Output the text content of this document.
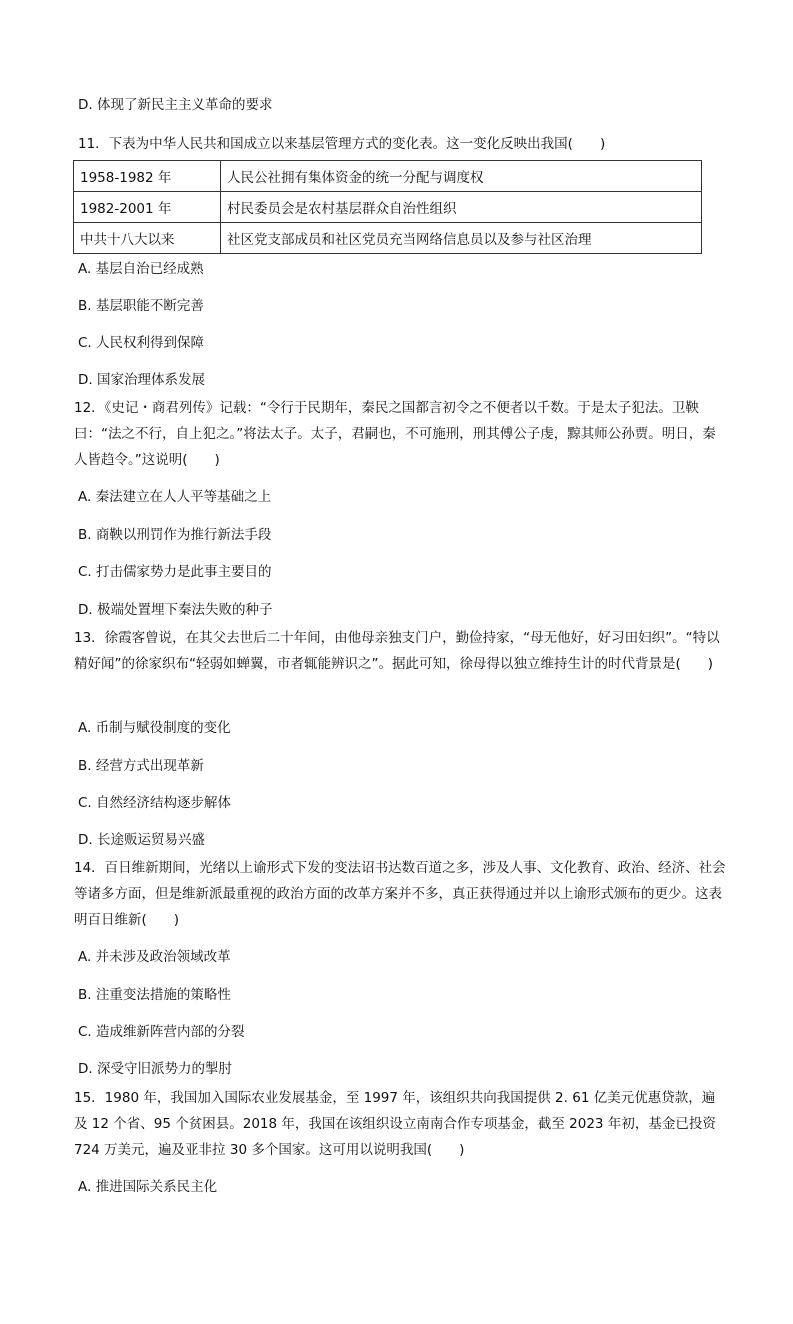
D. 体现了新民主主义革命的要求
11．下表为中华人民共和国成立以来基层管理方式的变化表。这一变化反映出我国(　　)
1958-1982 年	人民公社拥有集体资金的统一分配与调度权
1982-2001 年	村民委员会是农村基层群众自治性组织
中共十八大以来	社区党支部成员和社区党员充当网络信息员以及参与社区治理
A. 基层自治已经成熟
B. 基层职能不断完善
C. 人民权利得到保障
D. 国家治理体系发展
12．《史记・商君列传》记载：“令行于民期年，秦民之国都言初令之不便者以千数。于是太子犯法。卫鞅曰：“法之不行，自上犯之。”将法太子。太子，君嗣也，不可施刑，刑其傅公子虔，黥其师公孙贾。明日，秦人皆趋令。”这说明(　　)
A. 秦法建立在人人平等基础之上
B. 商鞅以刑罚作为推行新法手段
C. 打击儒家势力是此事主要目的
D. 极端处置埋下秦法失败的种子
13．徐霞客曾说，在其父去世后二十年间，由他母亲独支门户，勤俭持家，“母无他好，好习田妇织”。“特以精好闻”的徐家织布“轻弱如蝉翼，市者辄能辨识之”。据此可知，徐母得以独立维持生计的时代背景是(　　)
A. 币制与赋役制度的变化
B. 经营方式出现革新
C. 自然经济结构逐步解体
D. 长途贩运贸易兴盛
14．百日维新期间，光绪以上谕形式下发的变法诏书达数百道之多，涉及人事、文化教育、政治、经济、社会等诸多方面，但是维新派最重视的政治方面的改革方案并不多，真正获得通过并以上谕形式颁布的更少。这表明百日维新(　　)
A. 并未涉及政治领域改革
B. 注重变法措施的策略性
C. 造成维新阵营内部的分裂
D. 深受守旧派势力的掣肘
15．1980 年，我国加入国际农业发展基金，至 1997 年，该组织共向我国提供 2. 61 亿美元优惠贷款，遍及 12 个省、95 个贫困县。2018 年，我国在该组织设立南南合作专项基金，截至 2023 年初，基金已投资 724 万美元，遍及亚非拉 30 多个国家。这可用以说明我国(　　)
A. 推进国际关系民主化
